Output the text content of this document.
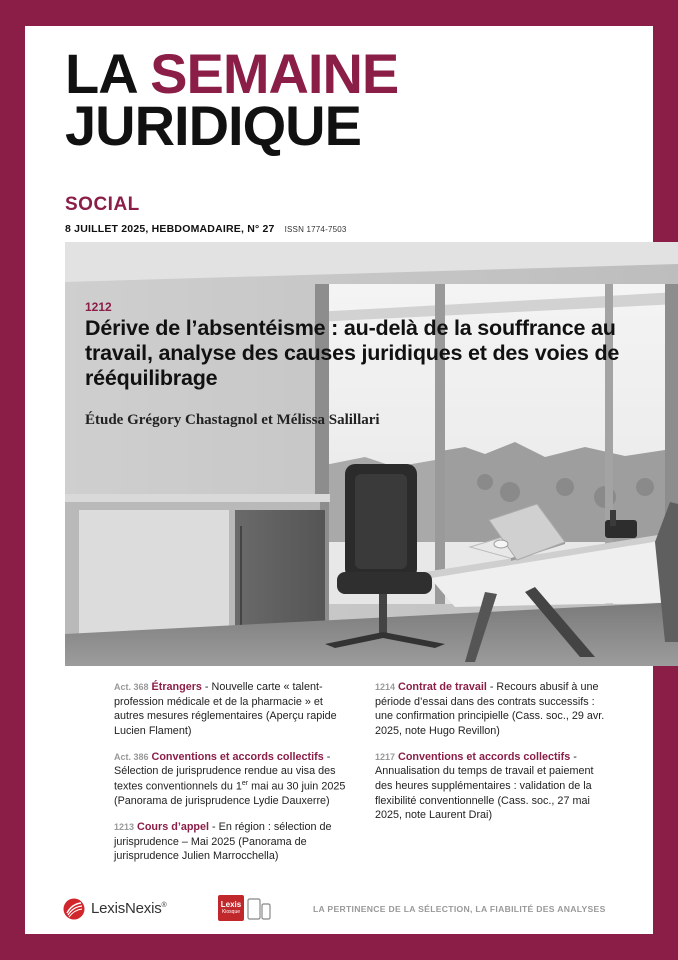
LA SEMAINE
JURIDIQUE
SOCIAL
8 JUILLET 2025, HEBDOMADAIRE, N° 27 ISSN 1774-7503
1212
Dérive de l’absentéisme : au-delà de la souffrance au travail, analyse des causes juridiques et des voies de rééquilibrage
Étude Grégory Chastagnol et Mélissa Salillari
Act. 368 Étrangers - Nouvelle carte « talent-profession médicale et de la pharmacie » et autres mesures réglementaires (Aperçu rapide Lucien Flament)
Act. 386 Conventions et accords collectifs - Sélection de jurisprudence rendue au visa des textes conventionnels du 1er mai au 30 juin 2025 (Panorama de jurisprudence Lydie Dauxerre)
1213 Cours d’appel - En région : sélection de jurisprudence – Mai 2025 (Panorama de jurisprudence Julien Marrocchella)
1214 Contrat de travail - Recours abusif à une période d’essai dans des contrats successifs : une confirmation principielle (Cass. soc., 29 avr. 2025, note Hugo Revillon)
1217 Conventions et accords collectifs - Annualisation du temps de travail et paiement des heures supplémentaires : validation de la flexibilité conventionnelle (Cass. soc., 27 mai 2025, note Laurent Drai)
LexisNexis®	Lexis
Kiosque	LA PERTINENCE DE LA SÉLECTION, LA FIABILITÉ DES ANALYSES
